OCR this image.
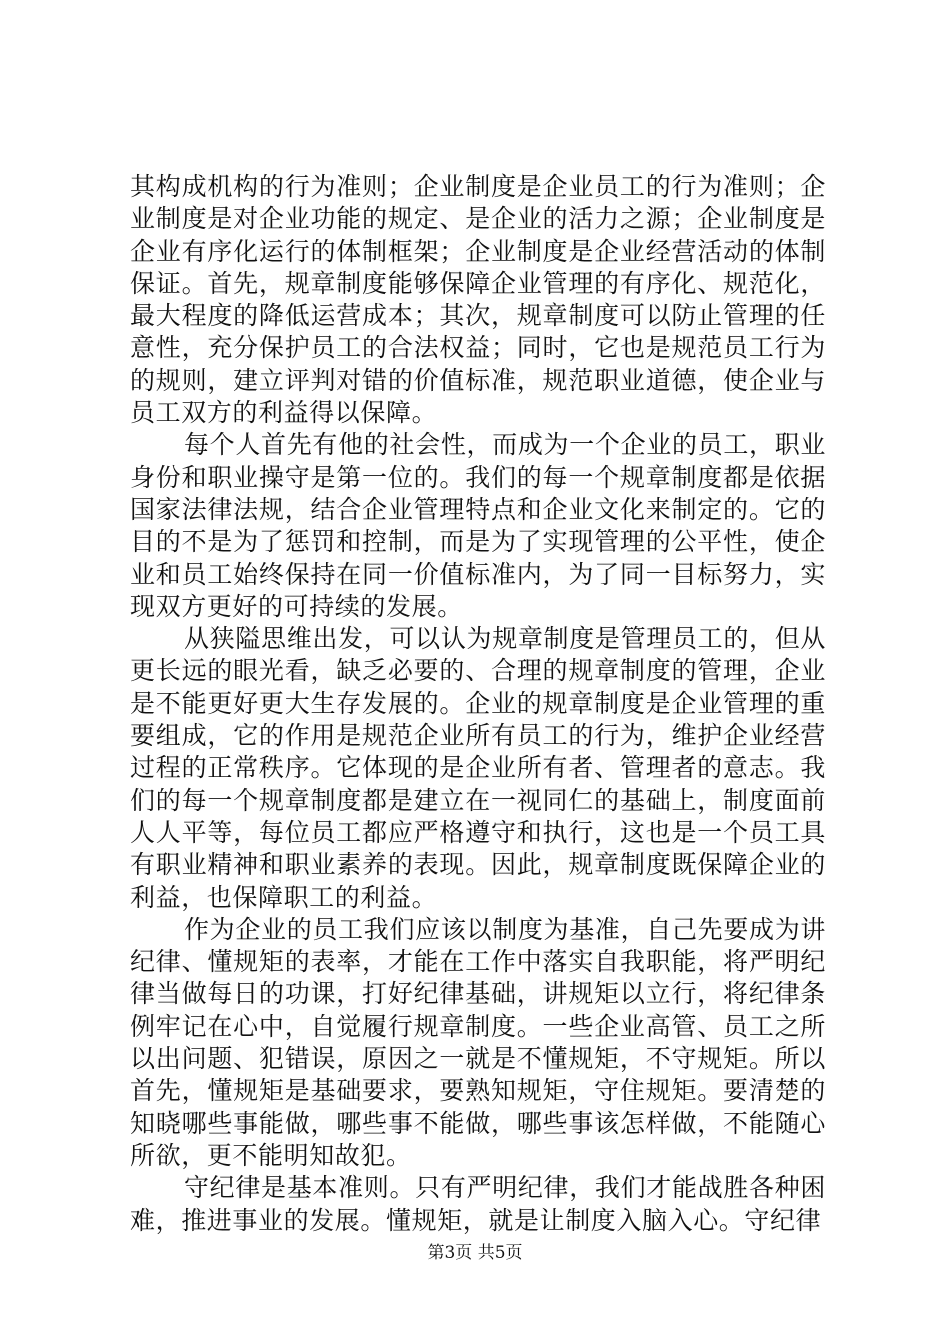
其构成机构的行为准则；企业制度是企业员工的行为准则；企业制度是对企业功能的规定、是企业的活力之源；企业制度是企业有序化运行的体制框架；企业制度是企业经营活动的体制保证。首先，规章制度能够保障企业管理的有序化、规范化，最大程度的降低运营成本；其次，规章制度可以防止管理的任意性，充分保护员工的合法权益；同时，它也是规范员工行为的规则，建立评判对错的价值标准，规范职业道德，使企业与员工双方的利益得以保障。

每个人首先有他的社会性，而成为一个企业的员工，职业身份和职业操守是第一位的。我们的每一个规章制度都是依据国家法律法规，结合企业管理特点和企业文化来制定的。它的目的不是为了惩罚和控制，而是为了实现管理的公平性，使企业和员工始终保持在同一价值标准内，为了同一目标努力，实现双方更好的可持续的发展。

从狭隘思维出发，可以认为规章制度是管理员工的，但从更长远的眼光看，缺乏必要的、合理的规章制度的管理，企业是不能更好更大生存发展的。企业的规章制度是企业管理的重要组成，它的作用是规范企业所有员工的行为，维护企业经营过程的正常秩序。它体现的是企业所有者、管理者的意志。我们的每一个规章制度都是建立在一视同仁的基础上，制度面前人人平等，每位员工都应严格遵守和执行，这也是一个员工具有职业精神和职业素养的表现。因此，规章制度既保障企业的利益，也保障职工的利益。

作为企业的员工我们应该以制度为基准，自己先要成为讲纪律、懂规矩的表率，才能在工作中落实自我职能，将严明纪律当做每日的功课，打好纪律基础，讲规矩以立行，将纪律条例牢记在心中，自觉履行规章制度。一些企业高管、员工之所以出问题、犯错误，原因之一就是不懂规矩，不守规矩。所以首先，懂规矩是基础要求，要熟知规矩，守住规矩。要清楚的知晓哪些事能做，哪些事不能做，哪些事该怎样做，不能随心所欲，更不能明知故犯。

守纪律是基本准则。只有严明纪律，我们才能战胜各种困难，推进事业的发展。懂规矩，就是让制度入脑入心。守纪律

第3页 共5页
